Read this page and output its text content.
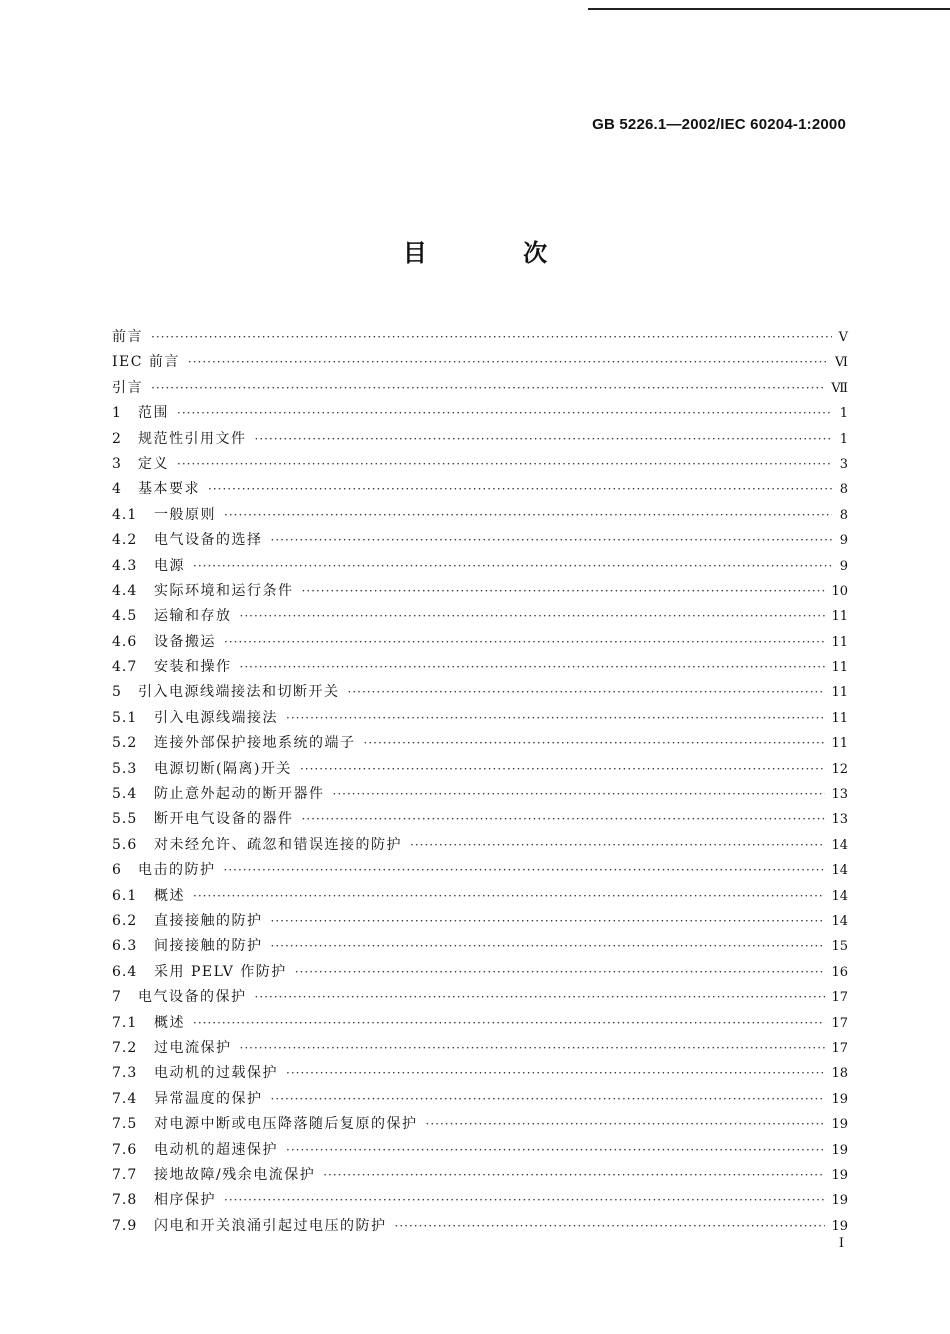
GB 5226.1—2002/IEC 60204-1:2000
目 次
前言 ·····	Ⅴ
IEC 前言 ·····	Ⅵ
引言 ·····	Ⅶ
1	范围 ·····	1
2	规范性引用文件 ·····	1
3	定义 ·····	3
4	基本要求 ·····	8
4.1	一般原则 ·····	8
4.2	电气设备的选择 ·····	9
4.3	电源 ·····	9
4.4	实际环境和运行条件 ·····	10
4.5	运输和存放 ·····	11
4.6	设备搬运 ·····	11
4.7	安装和操作 ·····	11
5	引入电源线端接法和切断开关 ·····	11
5.1	引入电源线端接法 ·····	11
5.2	连接外部保护接地系统的端子 ·····	11
5.3	电源切断(隔离)开关 ·····	12
5.4	防止意外起动的断开器件 ·····	13
5.5	断开电气设备的器件 ·····	13
5.6	对未经允许、疏忽和错误连接的防护 ·····	14
6	电击的防护 ·····	14
6.1	概述 ·····	14
6.2	直接接触的防护 ·····	14
6.3	间接接触的防护 ·····	15
6.4	采用 PELV 作防护 ·····	16
7	电气设备的保护 ·····	17
7.1	概述 ·····	17
7.2	过电流保护 ·····	17
7.3	电动机的过载保护 ·····	18
7.4	异常温度的保护 ·····	19
7.5	对电源中断或电压降落随后复原的保护 ·····	19
7.6	电动机的超速保护 ·····	19
7.7	接地故障/残余电流保护 ·····	19
7.8	相序保护 ·····	19
7.9	闪电和开关浪涌引起过电压的防护 ·····	19
I
